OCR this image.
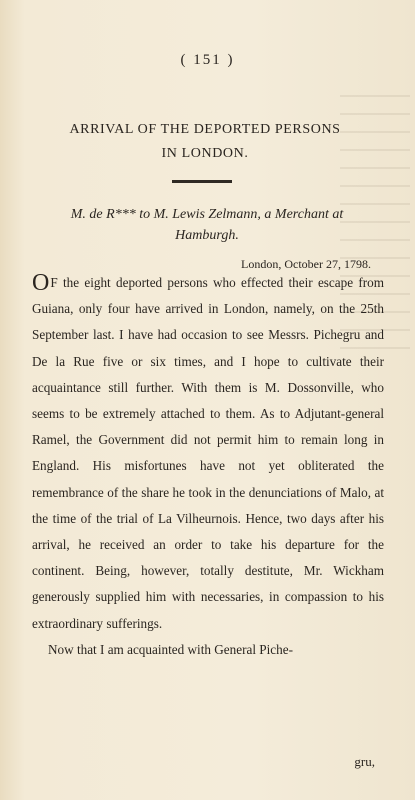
( 151 )
ARRIVAL OF THE DEPORTED PERSONS
IN LONDON.
M. de R*** to M. Lewis Zelmann, a Merchant at
Hamburgh.
London, October 27, 1798.

OF the eight deported persons who effected their escape from Guiana, only four have arrived in London, namely, on the 25th September last. I have had occasion to see Messrs. Pichegru and De la Rue five or six times, and I hope to cultivate their acquaintance still further. With them is M. Dossonville, who seems to be extremely attached to them. As to Adjutant-general Ramel, the Government did not permit him to remain long in England. His misfortunes have not yet obliterated the remembrance of the share he took in the denunciations of Malo, at the time of the trial of La Vilheurnois. Hence, two days after his arrival, he received an order to take his departure for the continent. Being, however, totally destitute, Mr. Wickham generously supplied him with necessaries, in compassion to his extraordinary sufferings.

Now that I am acquainted with General Piche-

gru,
